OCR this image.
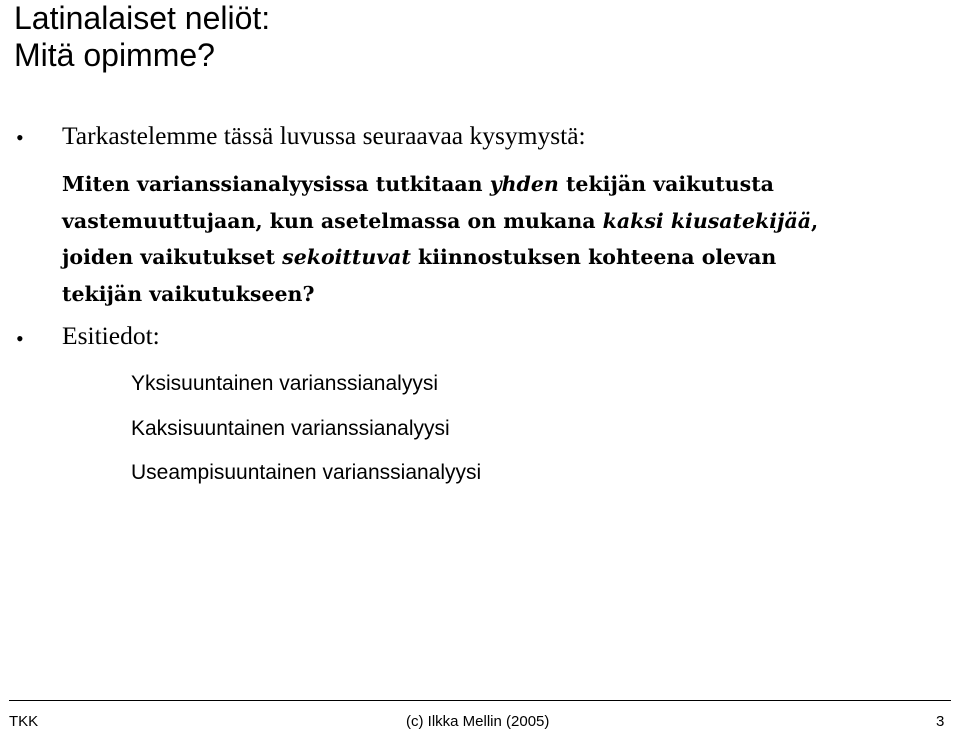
Latinalaiset neliöt:
Mitä opimme?
• Tarkastelemme tässä luvussa seuraavaa kysymystä:

Miten varianssianalyysissa tutkitaan yhden tekijän vaikutusta
vastemuuttujaan, kun asetelmassa on mukana kaksi kiusatekijää,
joiden vaikutukset sekoittuvat kiinnostuksen kohteena olevan
tekijän vaikutukseen?

• Esitiedot:
Yksisuuntainen varianssianalyysi
Kaksisuuntainen varianssianalyysi
Useampisuuntainen varianssianalyysi
TKK	(c) Ilkka Mellin (2005)	3
